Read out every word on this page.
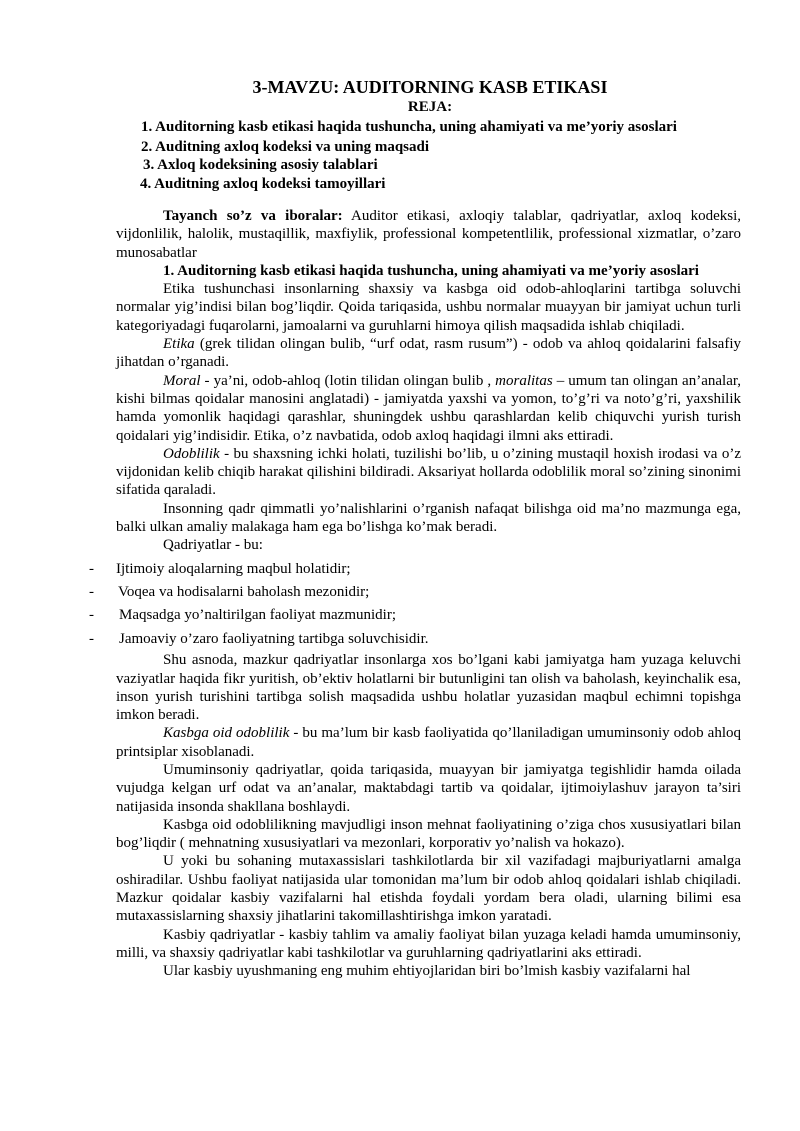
3-MAVZU: AUDITORNING KASB ETIKASI
REJA:
1. Auditorning kasb etikasi haqida tushuncha, uning ahamiyati va me’yoriy asoslari
2. Auditning axloq kodeksi va uning maqsadi
3. Axloq kodeksining asosiy talablari
4. Auditning axloq kodeksi tamoyillari

Tayanch so’z va iboralar: Auditor etikasi, axloqiy talablar, qadriyatlar, axloq kodeksi, vijdonlilik, halolik, mustaqillik, maxfiylik, professional kompetentlilik, professional xizmatlar, o’zaro munosabatlar

1. Auditorning kasb etikasi haqida tushuncha, uning ahamiyati va me’yoriy asoslari

Etika tushunchasi insonlarning shaxsiy va kasbga oid odob-ahloqlarini tartibga soluvchi normalar yig’indisi bilan bog’liqdir. Qoida tariqasida, ushbu normalar muayyan bir jamiyat uchun turli kategoriyadagi fuqarolarni, jamoalarni va guruhlarni himoya qilish maqsadida ishlab chiqiladi.

Etika (grek tilidan olingan bulib, “urf odat, rasm rusum”) - odob va ahloq qoidalarini falsafiy jihatdan o’rganadi.

Moral - ya’ni, odob-ahloq (lotin tilidan olingan bulib , moralitas – umum tan olingan an’analar, kishi bilmas qoidalar manosini anglatadi) - jamiyatda yaxshi va yomon, to’g’ri va noto’g’ri, yaxshilik hamda yomonlik haqidagi qarashlar, shuningdek ushbu qarashlardan kelib chiquvchi yurish turish qoidalari yig’indisidir. Etika, o’z navbatida, odob axloq haqidagi ilmni aks ettiradi.

Odoblilik - bu shaxsning ichki holati, tuzilishi bo’lib, u o’zining mustaqil hoxish irodasi va o’z vijdonidan kelib chiqib harakat qilishini bildiradi. Aksariyat hollarda odoblilik moral so’zining sinonimi sifatida qaraladi.

Insonning qadr qimmatli yo’nalishlarini o’rganish nafaqat bilishga oid ma’no mazmunga ega, balki ulkan amaliy malakaga ham ega bo’lishga ko’mak beradi.

Qadriyatlar - bu:

- Ijtimoiy aloqalarning maqbul holatidir;
- Voqea va hodisalarni baholash mezonidir;
- Maqsadga yo’naltirilgan faoliyat mazmunidir;
- Jamoaviy o’zaro faoliyatning tartibga soluvchisidir.

Shu asnoda, mazkur qadriyatlar insonlarga xos bo’lgani kabi jamiyatga ham yuzaga keluvchi vaziyatlar haqida fikr yuritish, ob’ektiv holatlarni bir butunligini tan olish va baholash, keyinchalik esa, inson yurish turishini tartibga solish maqsadida ushbu holatlar yuzasidan maqbul echimni topishga imkon beradi.

Kasbga oid odoblilik - bu ma’lum bir kasb faoliyatida qo’llaniladigan umuminsoniy odob ahloq printsiplar xisoblanadi.

Umuminsoniy qadriyatlar, qoida tariqasida, muayyan bir jamiyatga tegishlidir hamda oilada vujudga kelgan urf odat va an’analar, maktabdagi tartib va qoidalar, ijtimoiylashuv jarayon ta’siri natijasida insonda shakllana boshlaydi.

Kasbga oid odoblilikning mavjudligi inson mehnat faoliyatining o’ziga chos xususiyatlari bilan bog’liqdir ( mehnatning xususiyatlari va mezonlari, korporativ yo’nalish va hokazo).

U yoki bu sohaning mutaxassislari tashkilotlarda bir xil vazifadagi majburiyatlarni amalga oshiradilar. Ushbu faoliyat natijasida ular tomonidan ma’lum bir odob ahloq qoidalari ishlab chiqiladi. Mazkur qoidalar kasbiy vazifalarni hal etishda foydali yordam bera oladi, ularning bilimi esa mutaxassislarning shaxsiy jihatlarini takomillashtirishga imkon yaratadi.

Kasbiy qadriyatlar - kasbiy tahlim va amaliy faoliyat bilan yuzaga keladi hamda umuminsoniy, milli, va shaxsiy qadriyatlar kabi tashkilotlar va guruhlarning qadriyatlarini aks ettiradi.

Ular kasbiy uyushmaning eng muhim ehtiyojlaridan biri bo’lmish kasbiy vazifalarni hal
